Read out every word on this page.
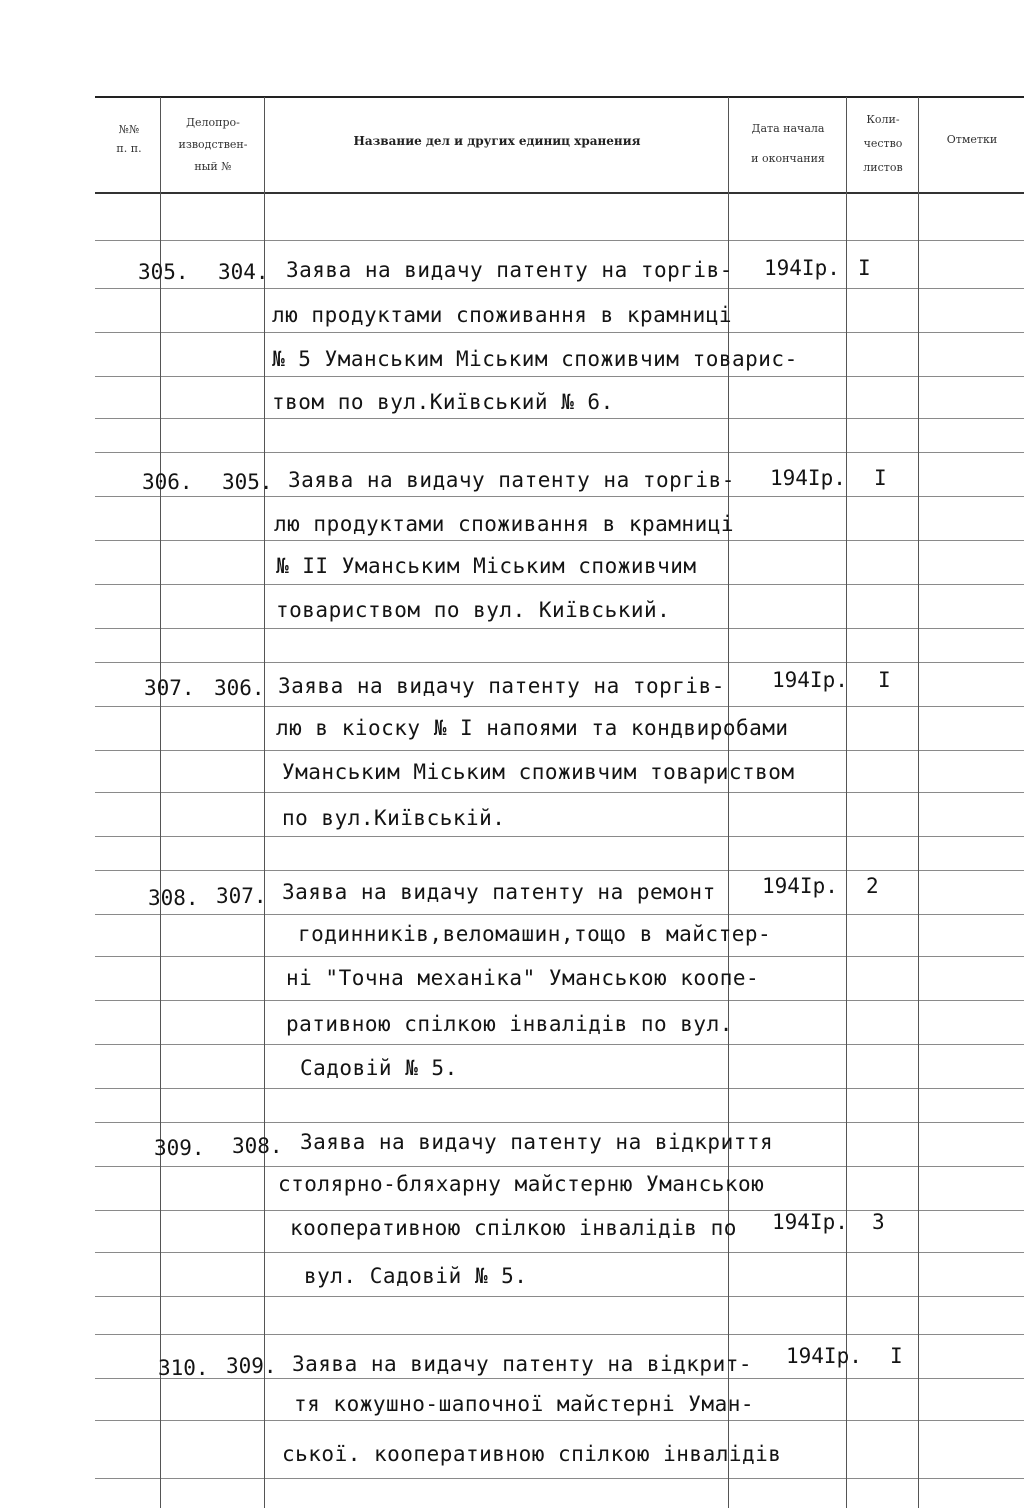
№№
п. п.
Делопро-
изводствен-
ный №
Название дел и других единиц хранения
Дата начала
и окончания
Коли-
чество
листов
Отметки
305. 304. Заява на видачу патенту на торгів-
лю продуктами споживання в крамниці
№ 5 Уманським Міським споживчим товарис-
твом по вул.Київський № 6.
194Iр. I
306. 305. Заява на видачу патенту на торгів-
лю продуктами споживання в крамниці
№ II Уманським Міським споживчим
товариством по вул. Київський.
194Iр. I
307. 306. Заява на видачу патенту на торгів-
лю в кіоску № I напоями та кондвиробами
Уманським Міським споживчим товариством
по вул.Київській.
194Iр. I
308. 307. Заява на видачу патенту на ремонт
годинників,веломашин,тощо в майстер-
ні "Точна механіка" Уманською коопе-
ративною спілкою інвалідів по вул.
Садовій № 5.
194Iр. 2
309. 308. Заява на видачу патенту на відкриття
столярно-бляхарну майстерню Уманською
кооперативною спілкою інвалідів по
вул. Садовій № 5.
194Iр. 3
310. 309. Заява на видачу патенту на відкрит-
тя кожушно-шапочної майстерні Уман-
ської. кооперативною спілкою інвалідів
194Iр. I
